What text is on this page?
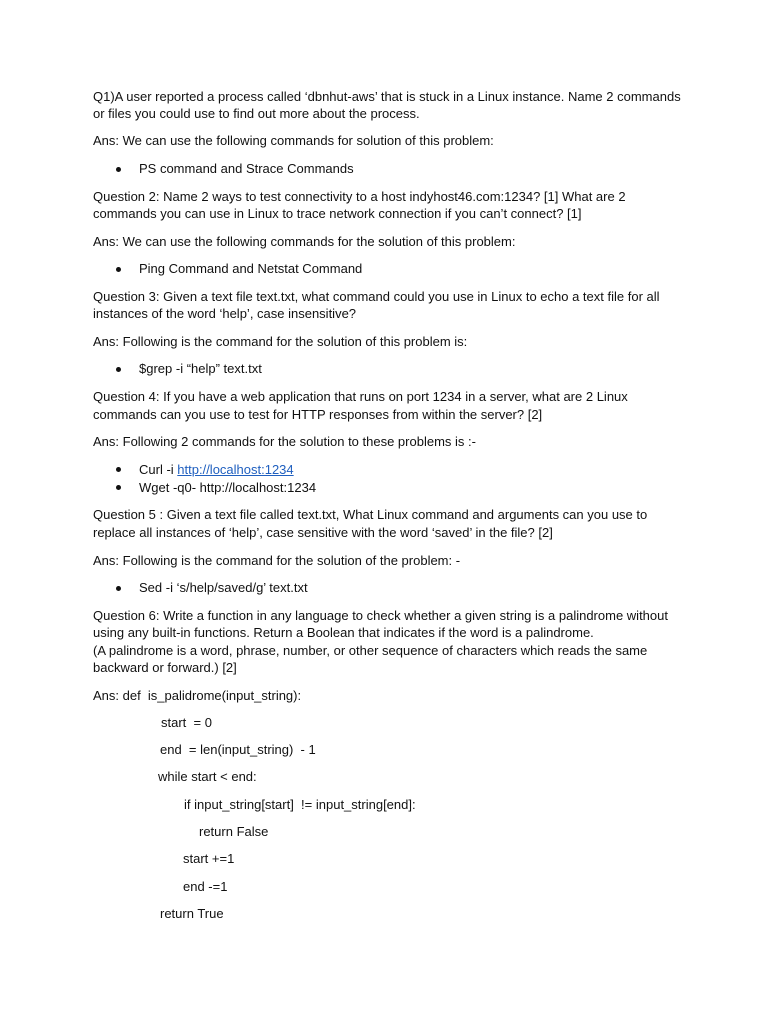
Q1)A user reported a process called ‘dbnhut-aws’ that is stuck in a Linux instance. Name 2 commands
or files you could use to find out more about the process.
Ans: We can use the following commands for solution of this problem:
PS command and Strace Commands
Question 2: Name 2 ways to test connectivity to a host indyhost46.com:1234? [1] What are 2
commands you can use in Linux to trace network connection if you can’t connect? [1]
Ans: We can use the following commands for the solution of this problem:
Ping Command and Netstat Command
Question 3: Given a text file text.txt, what command could you use in Linux to echo a text file for all
instances of the word ‘help’, case insensitive?
Ans: Following is the command for the solution of this problem is:
$grep -i “help” text.txt
Question 4: If you have a web application that runs on port 1234 in a server, what are 2 Linux
commands can you use to test for HTTP responses from within the server? [2]
Ans: Following 2 commands for the solution to these problems is :-
Curl -i http://localhost:1234
Wget -q0- http://localhost:1234
Question 5 : Given a text file called text.txt, What Linux command and arguments can you use to
replace all instances of ‘help’, case sensitive with the word ‘saved’ in the file? [2]
Ans: Following is the command for the solution of the problem: -
Sed -i ‘s/help/saved/g’ text.txt
Question 6: Write a function in any language to check whether a given string is a palindrome without
using any built-in functions. Return a Boolean that indicates if the word is a palindrome.
(A palindrome is a word, phrase, number, or other sequence of characters which reads the same
backward or forward.) [2]
Ans: def  is_palidrome(input_string):
start  = 0
end  = len(input_string)  - 1
while start < end:
if input_string[start]  != input_string[end]:
return False
start +=1
end -=1
return True
